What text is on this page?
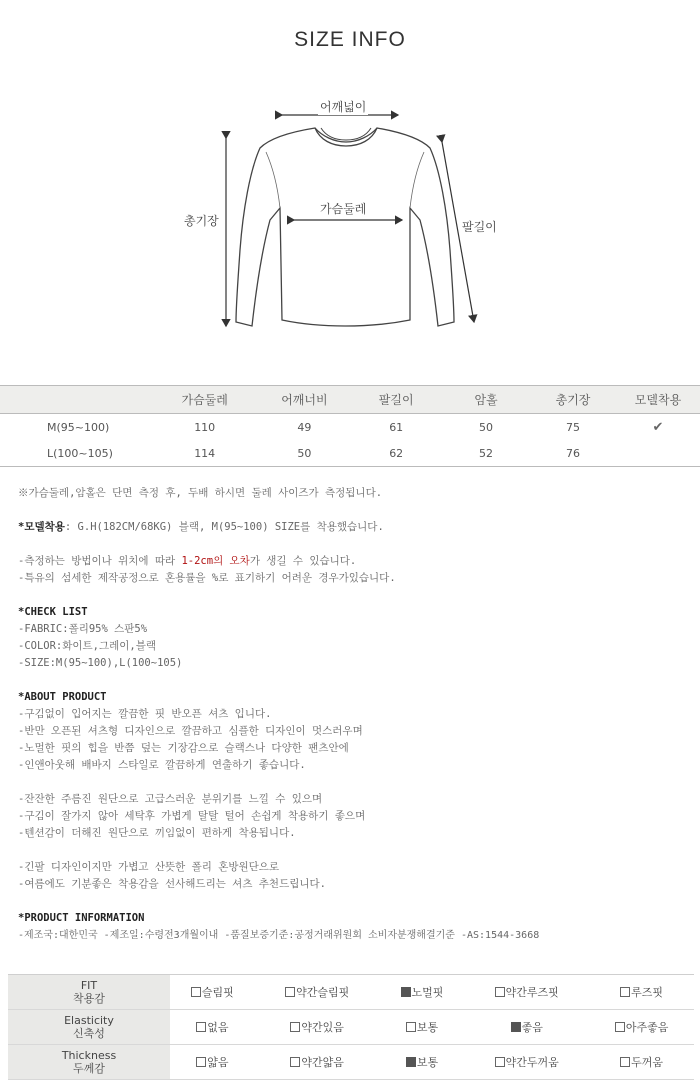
SIZE INFO
어깨넓이
가슴둘레
총기장	팔길이
	가슴둘레	어깨너비	팔길이	암홀	총기장	모델착용
M(95~100)	110	49	61	50	75	✔
L(100~105)	114	50	62	52	76	
※가슴둘레,암홀은 단면 측정 후, 두배 하시면 둘레 사이즈가 측정됩니다.
*모델착용: G.H(182CM/68KG) 블랙, M(95~100) SIZE를 착용했습니다.
-측정하는 방법이나 위치에 따라 1-2cm의 오차가 생길 수 있습니다.
-특유의 섬세한 제작공정으로 혼용률을 %로 표기하기 어려운 경우가있습니다.
*CHECK LIST
-FABRIC:폴리95% 스판5%
-COLOR:화이트,그레이,블랙
-SIZE:M(95~100),L(100~105)
*ABOUT PRODUCT
-구김없이 입어지는 깔끔한 핏 반오픈 셔츠 입니다.
-반만 오픈된 셔츠형 디자인으로 깔끔하고 심플한 디자인이 멋스러우며
-노멀한 핏의 힙을 반쯤 덮는 기장감으로 슬랙스나 다양한 팬츠안에
-인앤아웃해 배바지 스타일로 깔끔하게 연출하기 좋습니다.
-잔잔한 주름진 원단으로 고급스러운 분위기를 느낄 수 있으며
-구김이 잘가지 않아 세탁후 가볍게 탈탈 털어 손쉽게 착용하기 좋으며
-텐션감이 더해진 원단으로 끼임없이 편하게 착용됩니다.
-긴팔 디자인이지만 가볍고 산뜻한 폴리 혼방원단으로
-여름에도 기분좋은 착용감을 선사해드리는 셔츠 추천드립니다.
*PRODUCT INFORMATION
-제조국:대한민국 -제조일:수령전3개월이내 -품질보증기준:공정거래위원회 소비자분쟁해결기준 -AS:1544-3668
FIT
착용감	슬림핏	약간슬림핏	노멀핏	약간루즈핏	루즈핏

Elasticity
신축성	없음	약간있음	보통	좋음	아주좋음

Thickness
두께감	얇음	약간얇음	보통	약간두꺼움	두꺼움
